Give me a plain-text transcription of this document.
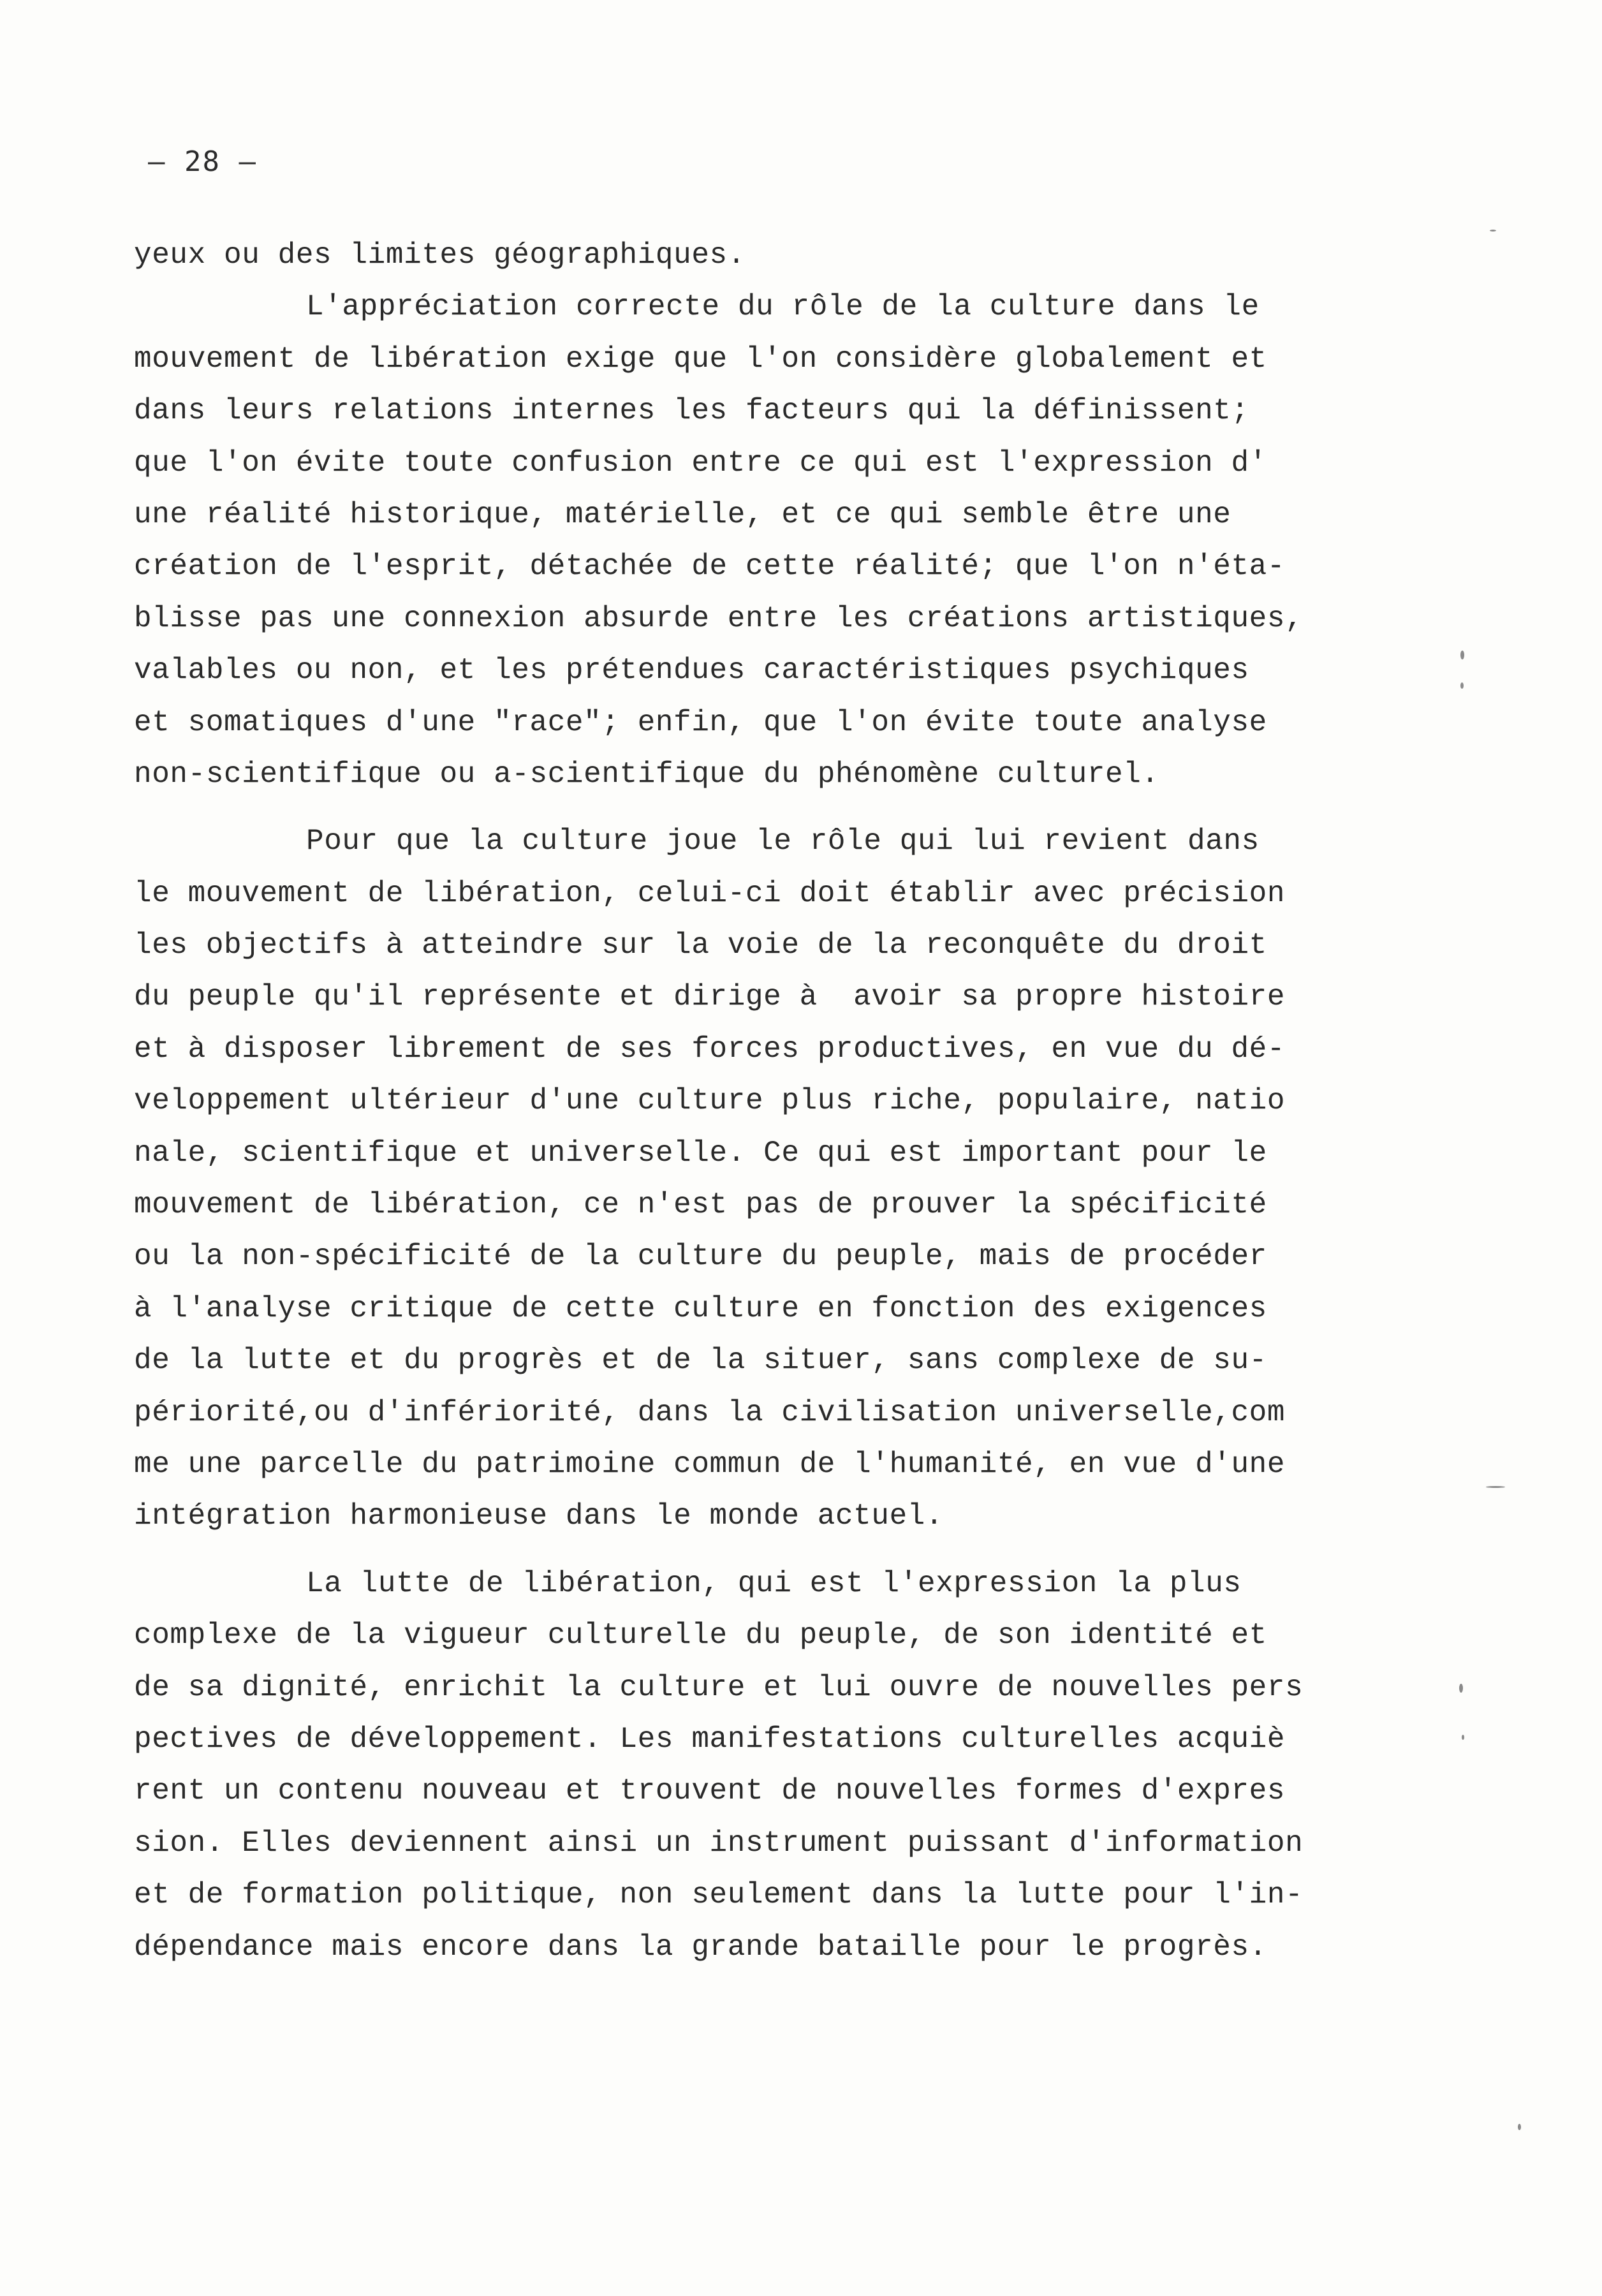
– 28 –
yeux ou des limites géographiques.
L'appréciation correcte du rôle de la culture dans le
mouvement de libération exige que l'on considère globalement et
dans leurs relations internes les facteurs qui la définissent;
que l'on évite toute confusion entre ce qui est l'expression d'
une réalité historique, matérielle, et ce qui semble être une
création de l'esprit, détachée de cette réalité; que l'on n'éta-
blisse pas une connexion absurde entre les créations artistiques,
valables ou non, et les prétendues caractéristiques psychiques
et somatiques d'une "race"; enfin, que l'on évite toute analyse
non-scientifique ou a-scientifique du phénomène culturel.
Pour que la culture joue le rôle qui lui revient dans
le mouvement de libération, celui-ci doit établir avec précision
les objectifs à atteindre sur la voie de la reconquête du droit
du peuple qu'il représente et dirige à  avoir sa propre histoire
et à disposer librement de ses forces productives, en vue du dé-
veloppement ultérieur d'une culture plus riche, populaire, natio
nale, scientifique et universelle. Ce qui est important pour le
mouvement de libération, ce n'est pas de prouver la spécificité
ou la non-spécificité de la culture du peuple, mais de procéder
à l'analyse critique de cette culture en fonction des exigences
de la lutte et du progrès et de la situer, sans complexe de su-
périorité,ou d'infériorité, dans la civilisation universelle,com
me une parcelle du patrimoine commun de l'humanité, en vue d'une
intégration harmonieuse dans le monde actuel.
La lutte de libération, qui est l'expression la plus
complexe de la vigueur culturelle du peuple, de son identité et
de sa dignité, enrichit la culture et lui ouvre de nouvelles pers
pectives de développement. Les manifestations culturelles acquiè
rent un contenu nouveau et trouvent de nouvelles formes d'expres
sion. Elles deviennent ainsi un instrument puissant d'information
et de formation politique, non seulement dans la lutte pour l'in-
dépendance mais encore dans la grande bataille pour le progrès.
